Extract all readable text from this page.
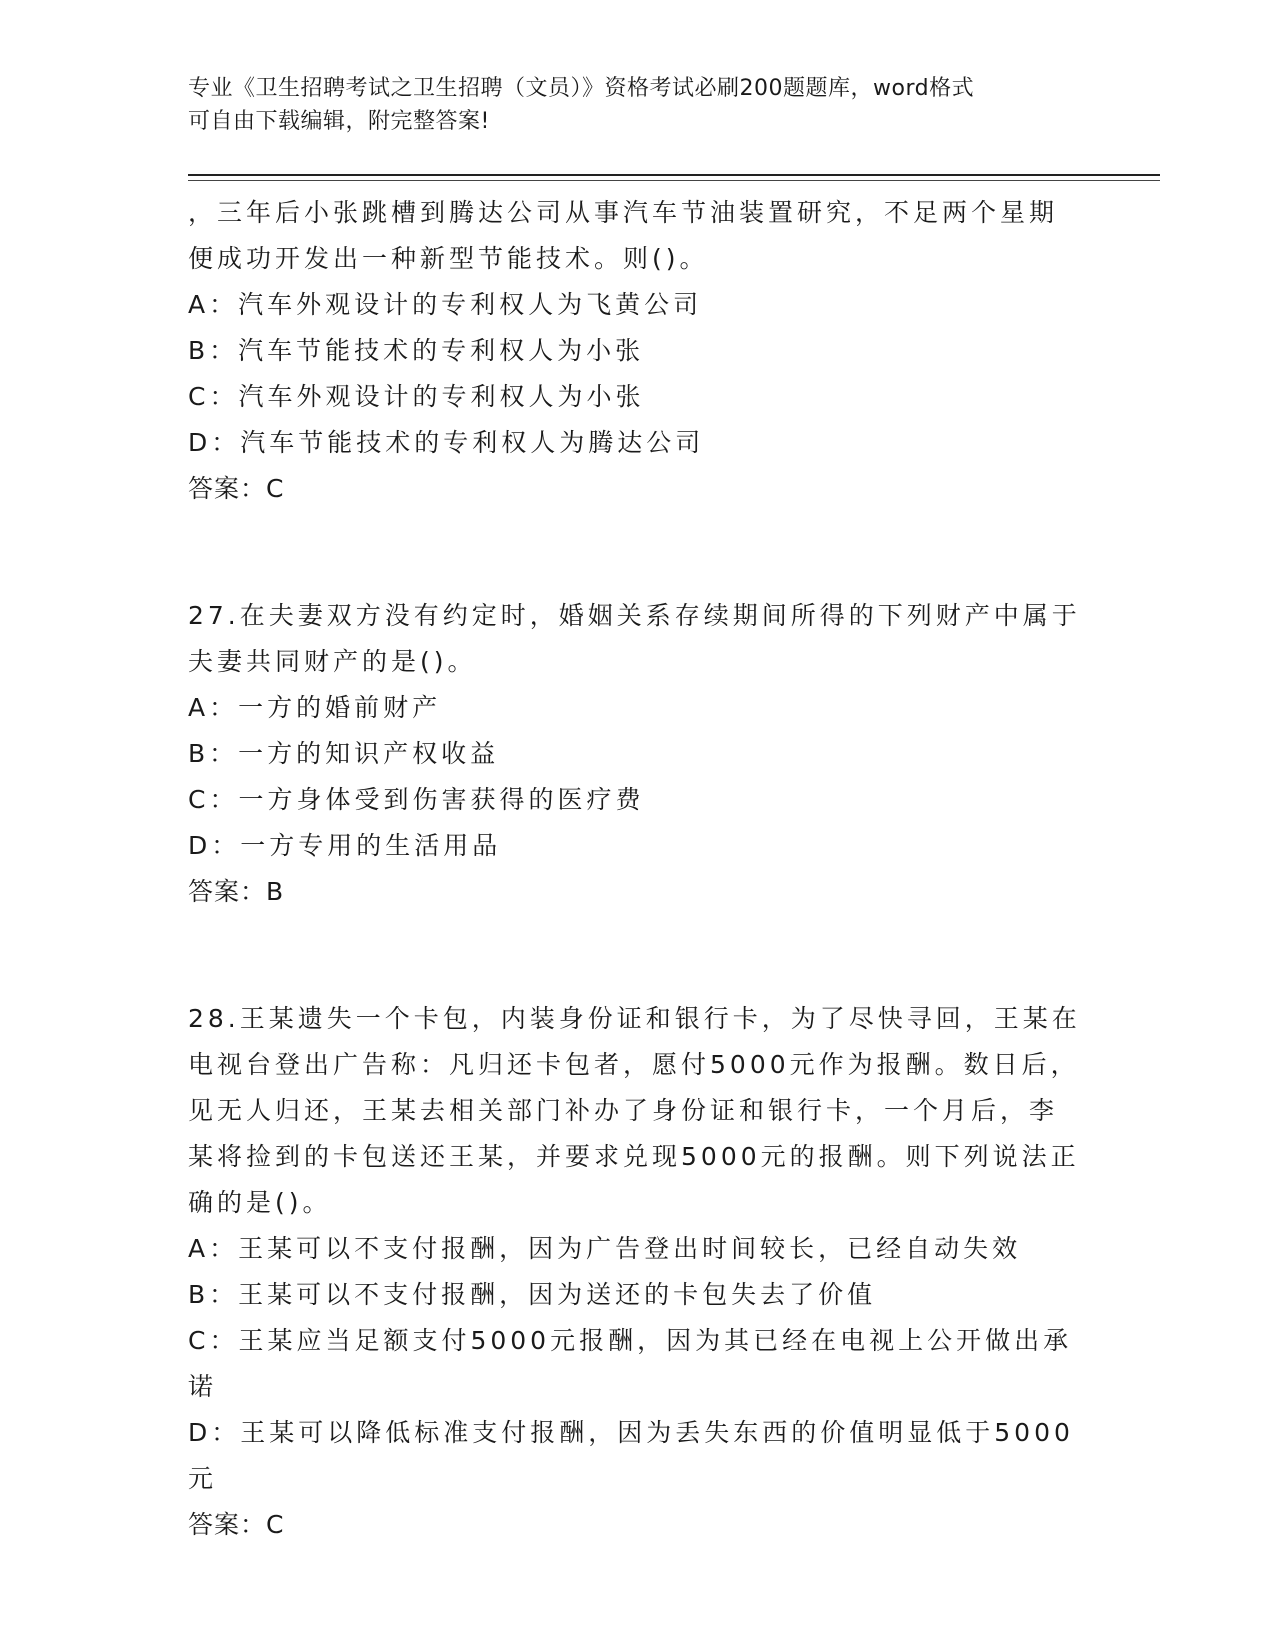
专业《卫生招聘考试之卫生招聘（文员）》资格考试必刷200题题库，word格式
可自由下载编辑，附完整答案!
，三年后小张跳槽到腾达公司从事汽车节油装置研究，不足两个星期
便成功开发出一种新型节能技术。则()。
A：汽车外观设计的专利权人为飞黄公司
B：汽车节能技术的专利权人为小张
C：汽车外观设计的专利权人为小张
D：汽车节能技术的专利权人为腾达公司
答案：C
27.在夫妻双方没有约定时，婚姻关系存续期间所得的下列财产中属于
夫妻共同财产的是()。
A：一方的婚前财产
B：一方的知识产权收益
C：一方身体受到伤害获得的医疗费
D：一方专用的生活用品
答案：B
28.王某遗失一个卡包，内装身份证和银行卡，为了尽快寻回，王某在
电视台登出广告称：凡归还卡包者，愿付5000元作为报酬。数日后，
见无人归还，王某去相关部门补办了身份证和银行卡，一个月后，李
某将捡到的卡包送还王某，并要求兑现5000元的报酬。则下列说法正
确的是()。
A：王某可以不支付报酬，因为广告登出时间较长，已经自动失效
B：王某可以不支付报酬，因为送还的卡包失去了价值
C：王某应当足额支付5000元报酬，因为其已经在电视上公开做出承
诺
D：王某可以降低标准支付报酬，因为丢失东西的价值明显低于5000
元
答案：C
